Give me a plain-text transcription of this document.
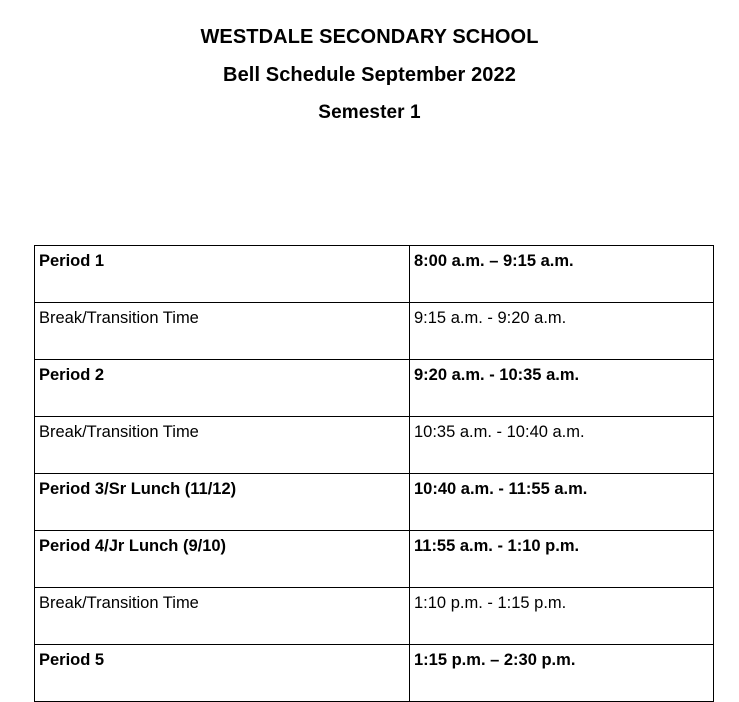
WESTDALE SECONDARY SCHOOL
Bell Schedule September 2022
Semester 1
Period 1	8:00 a.m. – 9:15 a.m.
Break/Transition Time	9:15 a.m. - 9:20 a.m.
Period 2	9:20 a.m. - 10:35 a.m.
Break/Transition Time	10:35 a.m. - 10:40 a.m.
Period 3/Sr Lunch (11/12)	10:40 a.m. - 11:55 a.m.
Period 4/Jr Lunch (9/10)	11:55 a.m. - 1:10 p.m.
Break/Transition Time	1:10 p.m. - 1:15 p.m.
Period 5	1:15 p.m. – 2:30 p.m.
